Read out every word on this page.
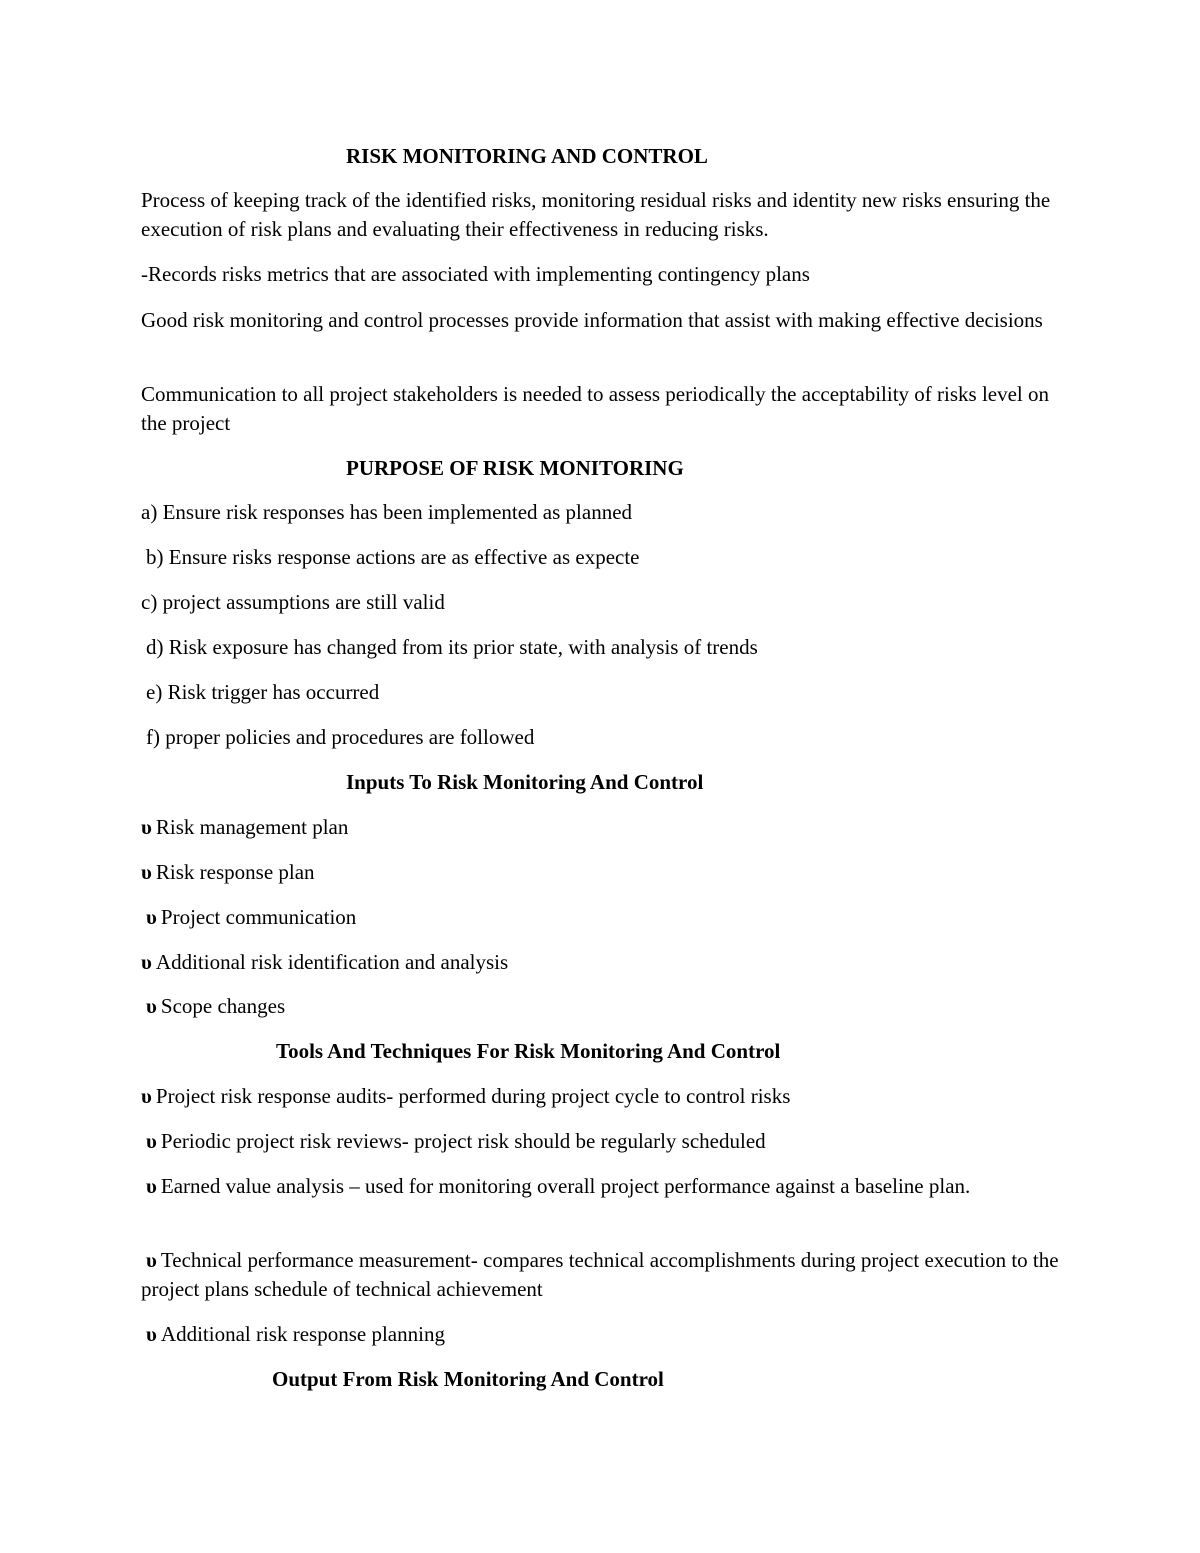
RISK MONITORING AND CONTROL

Process of keeping track of the identified risks, monitoring residual risks and identity new risks ensuring the execution of risk plans and evaluating their effectiveness in reducing risks.

-Records risks metrics that are associated with implementing contingency plans

Good risk monitoring and control processes provide information that assist with making effective decisions

Communication to all project stakeholders is needed to assess periodically the acceptability of risks level on the project

PURPOSE OF RISK MONITORING

a) Ensure risk responses has been implemented as planned

b) Ensure risks response actions are as effective as expecte

c) project assumptions are still valid

d) Risk exposure has changed from its prior state, with analysis of trends

e) Risk trigger has occurred

f) proper policies and procedures are followed

Inputs To Risk Monitoring And Control

υ Risk management plan

υ Risk response plan

υ Project communication

υ Additional risk identification and analysis

υ Scope changes

Tools And Techniques For Risk Monitoring And Control

υ Project risk response audits- performed during project cycle to control risks

υ Periodic project risk reviews- project risk should be regularly scheduled

υ Earned value analysis – used for monitoring overall project performance against a baseline plan.

υ Technical performance measurement- compares technical accomplishments during project execution to the project plans schedule of technical achievement

υ Additional risk response planning

Output From Risk Monitoring And Control
